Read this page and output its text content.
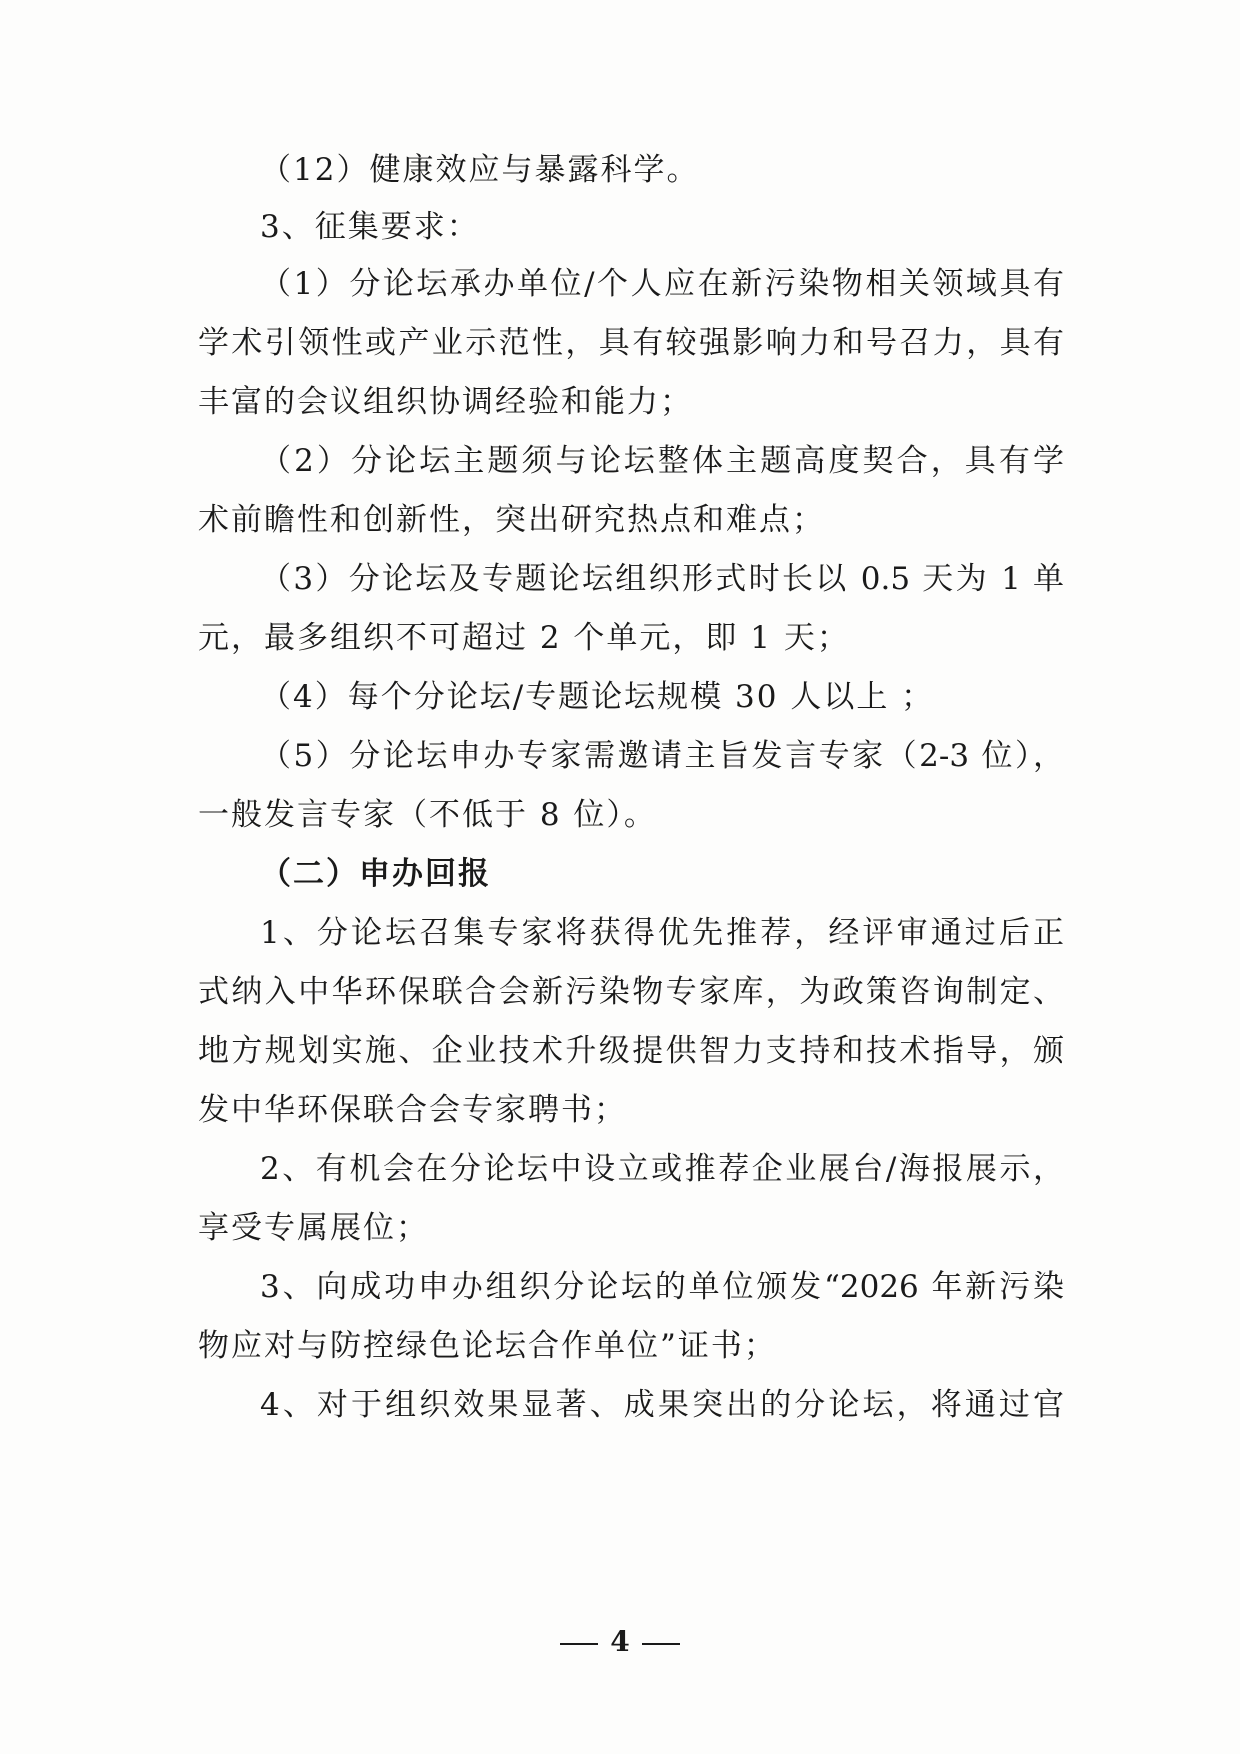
（12）健康效应与暴露科学。
3、征集要求：
（1）分论坛承办单位/个人应在新污染物相关领域具有
学术引领性或产业示范性，具有较强影响力和号召力，具有
丰富的会议组织协调经验和能力；
（2）分论坛主题须与论坛整体主题高度契合，具有学
术前瞻性和创新性，突出研究热点和难点；
（3）分论坛及专题论坛组织形式时长以 0.5 天为 1 单
元，最多组织不可超过 2 个单元，即 1 天；
（4）每个分论坛/专题论坛规模 30 人以上 ；
（5）分论坛申办专家需邀请主旨发言专家（2-3 位），
一般发言专家（不低于 8 位）。
（二）申办回报
1、分论坛召集专家将获得优先推荐，经评审通过后正
式纳入中华环保联合会新污染物专家库，为政策咨询制定、
地方规划实施、企业技术升级提供智力支持和技术指导，颁
发中华环保联合会专家聘书；
2、有机会在分论坛中设立或推荐企业展台/海报展示，
享受专属展位；
3、向成功申办组织分论坛的单位颁发“2026 年新污染
物应对与防控绿色论坛合作单位”证书；
4、对于组织效果显著、成果突出的分论坛，将通过官
4
